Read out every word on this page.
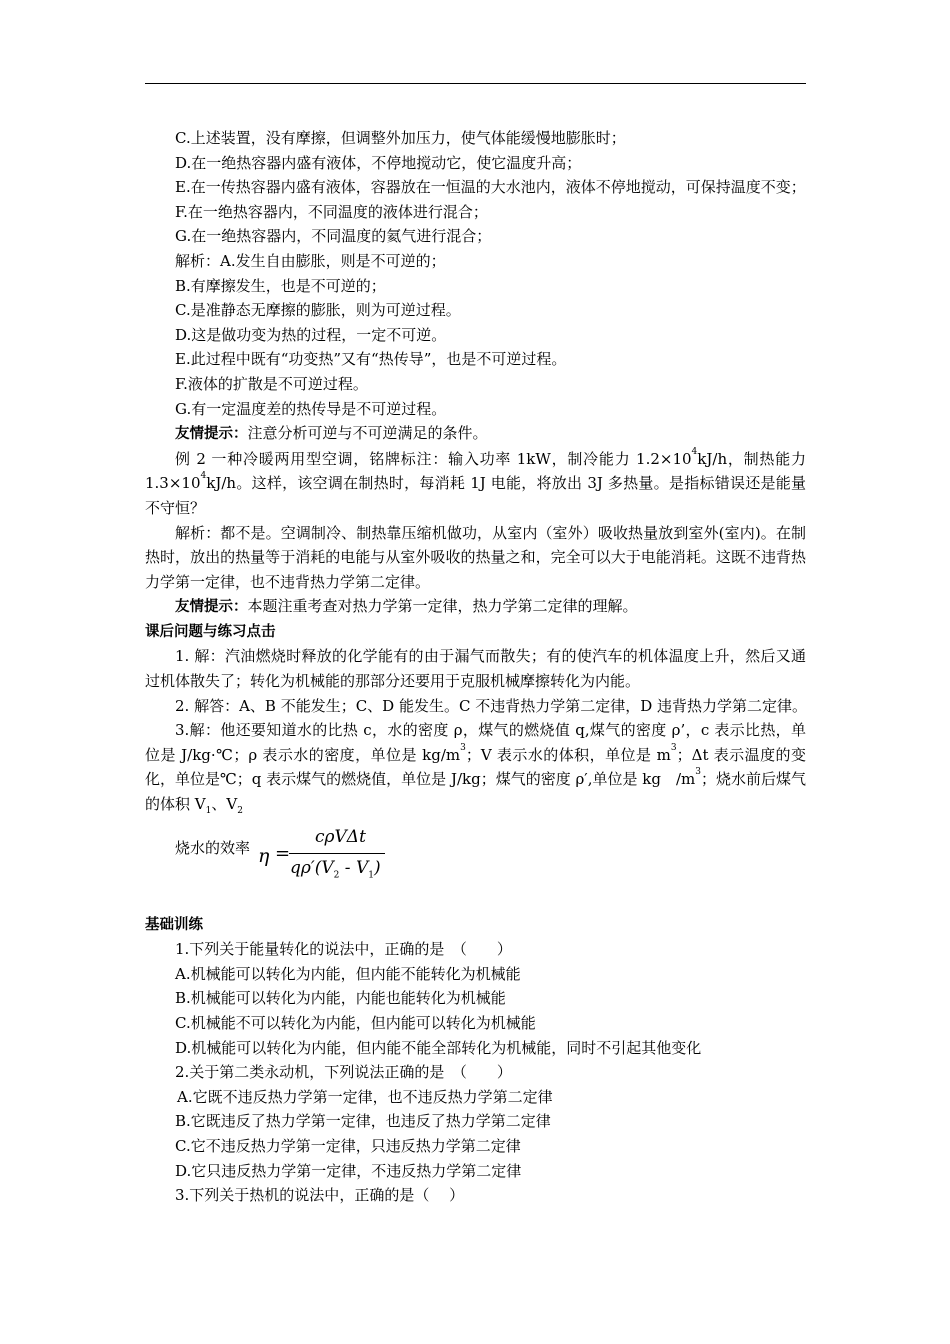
C.上述装置，没有摩擦，但调整外加压力，使气体能缓慢地膨胀时；
D.在一绝热容器内盛有液体，不停地搅动它，使它温度升高；
E.在一传热容器内盛有液体，容器放在一恒温的大水池内，液体不停地搅动，可保持温度不变；
F.在一绝热容器内，不同温度的液体进行混合；
G.在一绝热容器内，不同温度的氦气进行混合；
解析：A.发生自由膨胀，则是不可逆的；
B.有摩擦发生，也是不可逆的；
C.是准静态无摩擦的膨胀，则为可逆过程。
D.这是做功变为热的过程，一定不可逆。
E.此过程中既有“功变热”又有“热传导”，也是不可逆过程。
F.液体的扩散是不可逆过程。
G.有一定温度差的热传导是不可逆过程。
友情提示：注意分析可逆与不可逆满足的条件。
例 2 一种冷暖两用型空调，铭牌标注：输入功率 1kW，制冷能力 $1.2\times 10^4kJ/h$，制热能力 $1.3\times 10^4kJ/h$。这样，该空调在制热时，每消耗 1J 电能，将放出 3J 多热量。是指标错误还是能量不守恒？
解析：都不是。空调制冷、制热靠压缩机做功，从室内（室外）吸收热量放到室外(室内)。在制热时，放出的热量等于消耗的电能与从室外吸收的热量之和，完全可以大于电能消耗。这既不违背热力学第一定律，也不违背热力学第二定律。
友情提示：本题注重考查对热力学第一定律，热力学第二定律的理解。
课后问题与练习点击
1. 解：汽油燃烧时释放的化学能有的由于漏气而散失；有的使汽车的机体温度上升，然后又通过机体散失了；转化为机械能的那部分还要用于克服机械摩擦转化为内能。
2. 解答：A、B 不能发生；C、D 能发生。C 不违背热力学第二定律，D 违背热力学第二定律。
3.解：他还要知道水的比热 c，水的密度 ρ，煤气的燃烧值 q,煤气的密度 ρ’，c 表示比热，单位是 J/kg·℃；ρ 表示水的密度，单位是 $kg/m^3$；V 表示水的体积，单位是 $m^3$；Δt 表示温度的变化，单位是℃；q 表示煤气的燃烧值，单位是 J/kg；煤气的密度 ρ′,单位是 kg　$/m^3$；烧水前后煤气的体积 $V_1$、$V_2$
烧水的效率 η =
cρVΔt
$q\rho'(V_2 - V_1)$
基础训练
1.下列关于能量转化的说法中，正确的是　（　　）
A.机械能可以转化为内能，但内能不能转化为机械能
B.机械能可以转化为内能，内能也能转化为机械能
C.机械能不可以转化为内能，但内能可以转化为机械能
D.机械能可以转化为内能，但内能不能全部转化为机械能，同时不引起其他变化
2.关于第二类永动机，下列说法正确的是　（　　）
A.它既不违反热力学第一定律，也不违反热力学第二定律
B.它既违反了热力学第一定律，也违反了热力学第二定律
C.它不违反热力学第一定律，只违反热力学第二定律
D.它只违反热力学第一定律，不违反热力学第二定律
3.下列关于热机的说法中，正确的是（　 ）
